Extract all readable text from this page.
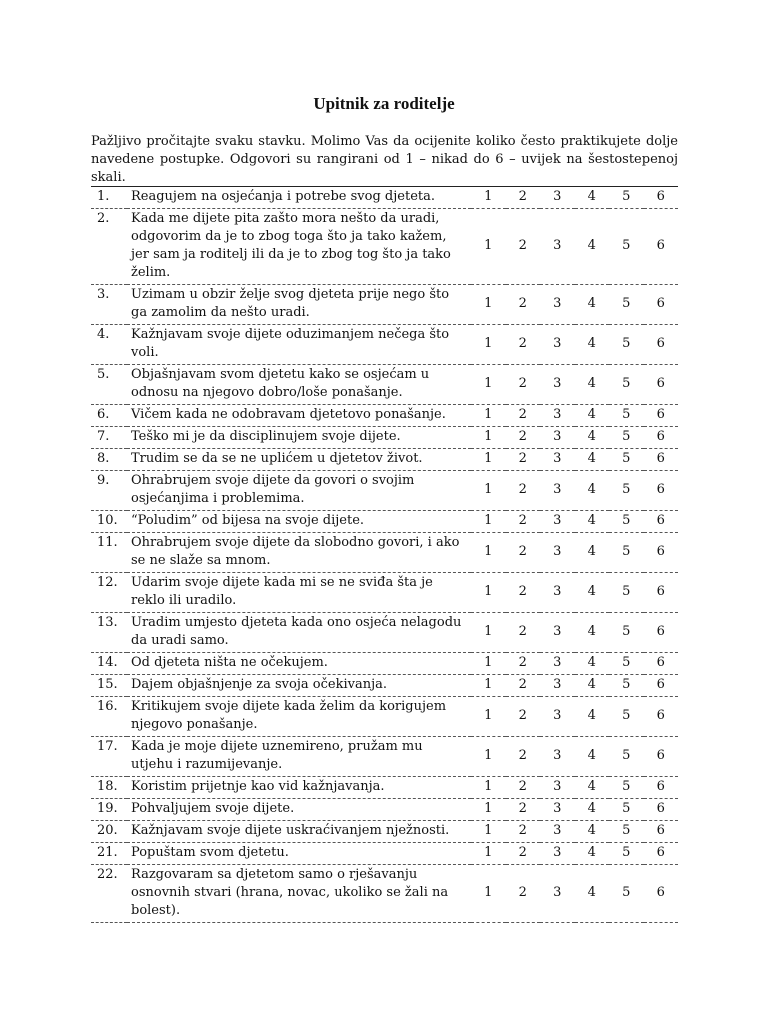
Upitnik za roditelje
Pažljivo pročitajte svaku stavku. Molimo Vas da ocijenite koliko često praktikujete dolje navedene postupke. Odgovori su rangirani od 1 – nikad do 6 – uvijek na šestostepenoj skali.
1.	Reagujem na osjećanja i potrebe svog djeteta.	1	2	3	4	5	6
2.	Kada me dijete pita zašto mora nešto da uradi, odgovorim da je to zbog toga što ja tako kažem, jer sam ja roditelj ili da je to zbog tog što ja tako želim.	1	2	3	4	5	6
3.	Uzimam u obzir želje svog djeteta prije nego što ga zamolim da nešto uradi.	1	2	3	4	5	6
4.	Kažnjavam svoje dijete oduzimanjem nečega što voli.	1	2	3	4	5	6
5.	Objašnjavam svom djetetu kako se osjećam u odnosu na njegovo dobro/loše ponašanje.	1	2	3	4	5	6
6.	Vičem kada ne odobravam djetetovo ponašanje.	1	2	3	4	5	6
7.	Teško mi je da disciplinujem svoje dijete.	1	2	3	4	5	6
8.	Trudim se da se ne uplićem u djetetov život.	1	2	3	4	5	6
9.	Ohrabrujem svoje dijete da govori o svojim osjećanjima i problemima.	1	2	3	4	5	6
10.	“Poludim” od bijesa na svoje dijete.	1	2	3	4	5	6
11.	Ohrabrujem svoje dijete da slobodno govori, i ako se ne slaže sa mnom.	1	2	3	4	5	6
12.	Udarim svoje dijete kada mi se ne sviđa šta je reklo ili uradilo.	1	2	3	4	5	6
13.	Uradim umjesto djeteta kada ono osjeća nelagodu da uradi samo.	1	2	3	4	5	6
14.	Od djeteta ništa ne očekujem.	1	2	3	4	5	6
15.	Dajem objašnjenje za svoja očekivanja.	1	2	3	4	5	6
16.	Kritikujem svoje dijete kada želim da korigujem njegovo ponašanje.	1	2	3	4	5	6
17.	Kada je moje dijete uznemireno, pružam mu utjehu i razumijevanje.	1	2	3	4	5	6
18.	Koristim prijetnje kao vid kažnjavanja.	1	2	3	4	5	6
19.	Pohvaljujem svoje dijete.	1	2	3	4	5	6
20.	Kažnjavam svoje dijete uskraćivanjem nježnosti.	1	2	3	4	5	6
21.	Popuštam svom djetetu.	1	2	3	4	5	6
22.	Razgovaram sa djetetom samo o rješavanju osnovnih stvari (hrana, novac, ukoliko se žali na bolest).	1	2	3	4	5	6
